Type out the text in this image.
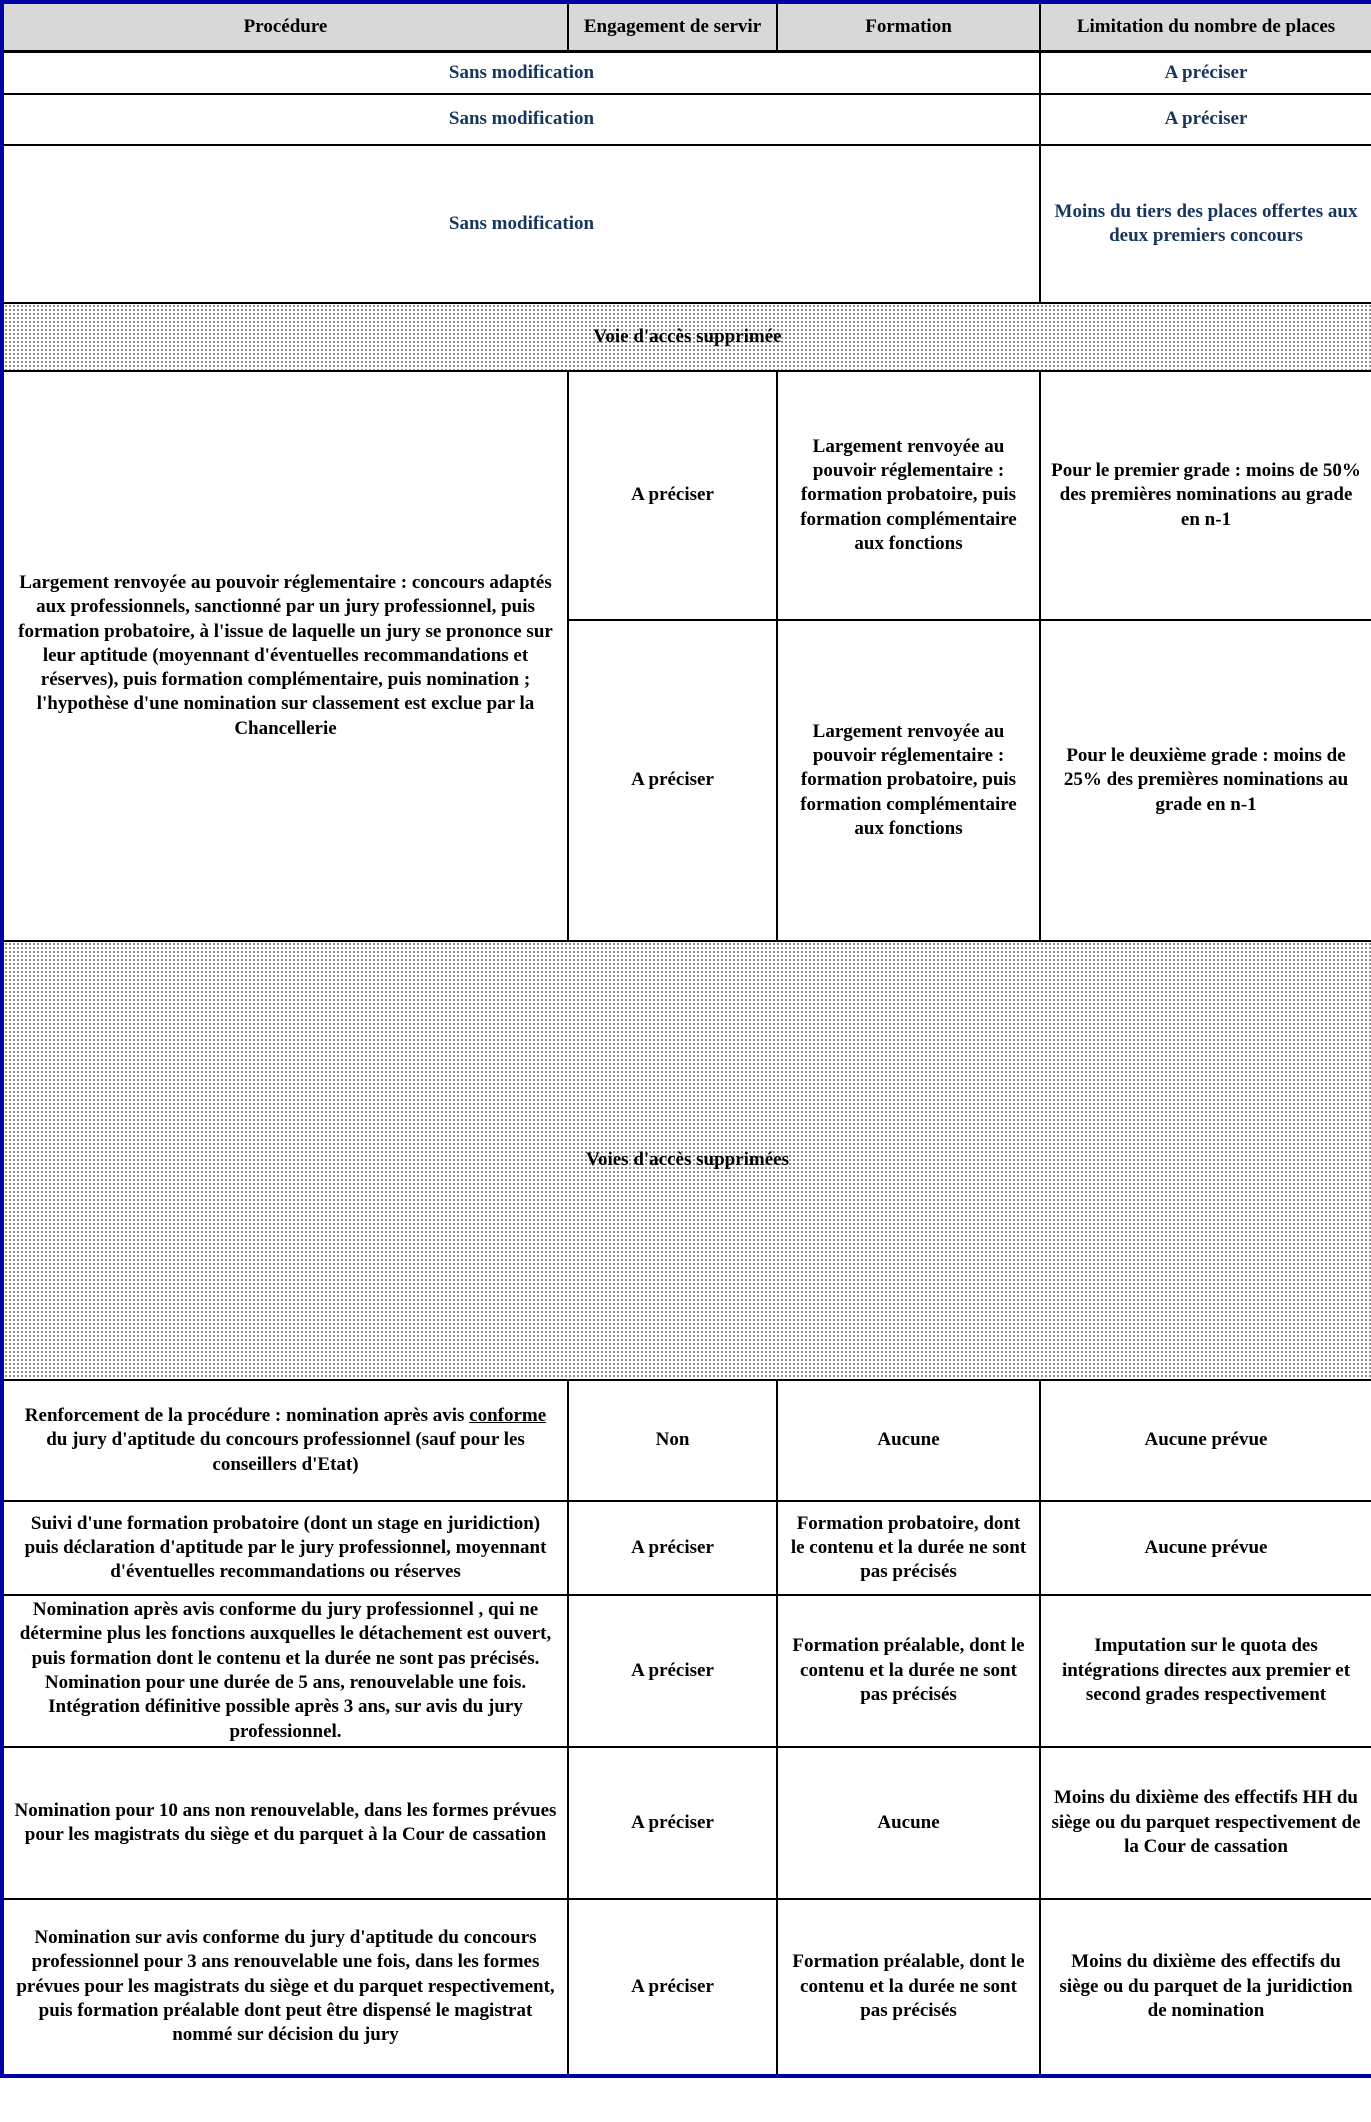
Procédure	Engagement de servir	Formation	Limitation du nombre de places
Sans modification			A préciser
Sans modification			A préciser
Sans modification			Moins du tiers des places offertes aux deux premiers concours
Voie d'accès supprimée			
Largement renvoyée au pouvoir réglementaire : concours adaptés aux professionnels, sanctionné par un jury professionnel, puis formation probatoire, à l'issue de laquelle un jury se prononce sur leur aptitude (moyennant d'éventuelles recommandations et réserves), puis formation complémentaire, puis nomination ; l'hypothèse d'une nomination sur classement est exclue par la Chancellerie	A préciser	Largement renvoyée au pouvoir réglementaire : formation probatoire, puis formation complémentaire aux fonctions	Pour le premier grade : moins de 50% des premières nominations au grade en n-1
	A préciser	Largement renvoyée au pouvoir réglementaire : formation probatoire, puis formation complémentaire aux fonctions	Pour le deuxième grade : moins de 25% des premières nominations au grade en n-1
Voies d'accès supprimées			
Renforcement de la procédure : nomination après avis conforme du jury d'aptitude du concours professionnel (sauf pour les conseillers d'Etat)	Non	Aucune	Aucune prévue
Suivi d'une formation probatoire (dont un stage en juridiction) puis déclaration d'aptitude par le jury professionnel, moyennant d'éventuelles recommandations ou réserves	A préciser	Formation probatoire, dont le contenu et la durée ne sont pas précisés	Aucune prévue
Nomination après avis conforme du jury professionnel , qui ne détermine plus les fonctions auxquelles le détachement est ouvert, puis formation dont le contenu et la durée ne sont pas précisés. Nomination pour une durée de 5 ans, renouvelable une fois. Intégration définitive possible après 3 ans, sur avis du jury professionnel.	A préciser	Formation préalable, dont le contenu et la durée ne sont pas précisés	Imputation sur le quota des intégrations directes aux premier et second grades respectivement
Nomination pour 10 ans non renouvelable, dans les formes prévues pour les magistrats du siège et du parquet à la Cour de cassation	A préciser	Aucune	Moins du dixième des effectifs HH du siège ou du parquet respectivement de la Cour de cassation
Nomination sur avis conforme du jury d'aptitude du concours professionnel pour 3 ans renouvelable une fois, dans les formes prévues pour les magistrats du siège et du parquet respectivement, puis formation préalable dont peut être dispensé le magistrat nommé sur décision du jury	A préciser	Formation préalable, dont le contenu et la durée ne sont pas précisés	Moins du dixième des effectifs du siège ou du parquet de la juridiction de nomination
